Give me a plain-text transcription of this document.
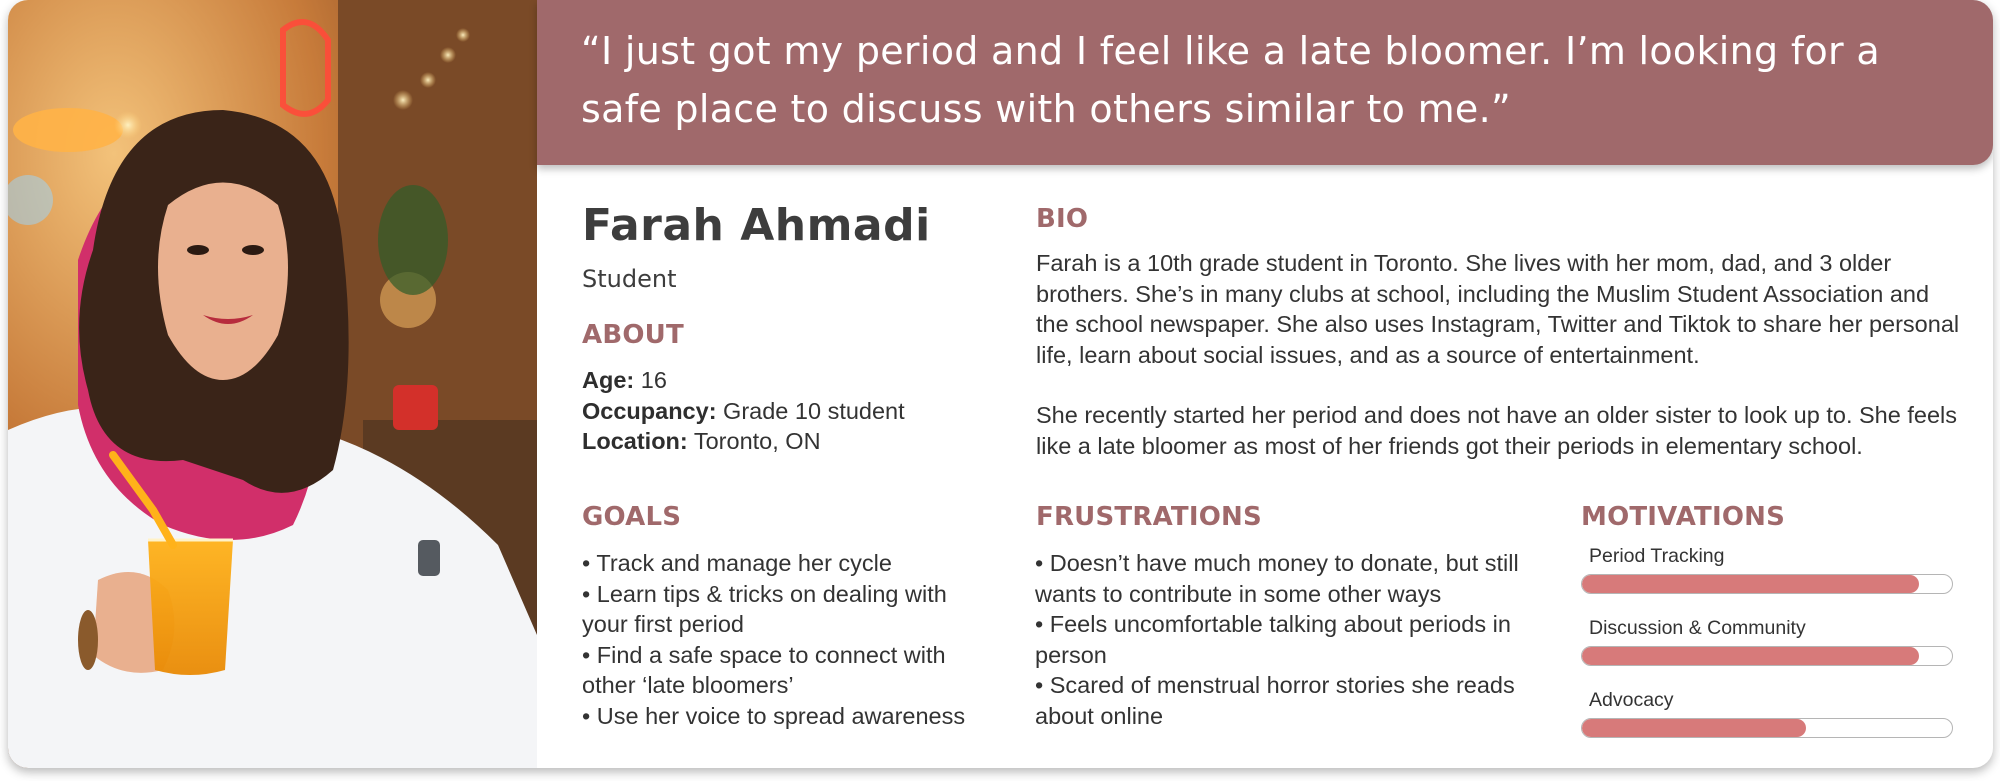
“I just got my period and I feel like a late bloomer. I’m looking for a safe place to discuss with others similar to me.”

Farah Ahmadi
Student
ABOUT
Age: 16
Occupancy: Grade 10 student
Location: Toronto, ON
BIO

Farah is a 10th grade student in Toronto. She lives with her mom, dad, and 3 older brothers. She’s in many clubs at school, including the Muslim Student Association and the school newspaper. She also uses Instagram, Twitter and Tiktok to share her personal life, learn about social issues, and as a source of entertainment.

She recently started her period and does not have an older sister to look up to. She feels like a late bloomer as most of her friends got their periods in elementary school.

GOALS
• Track and manage her cycle
• Learn tips & tricks on dealing with your first period
• Find a safe space to connect with other ‘late bloomers’
• Use her voice to spread awareness
FRUSTRATIONS
• Doesn’t have much money to donate, but still wants to contribute in some other ways
• Feels uncomfortable talking about periods in person
• Scared of menstrual horror stories she reads about online
MOTIVATIONS
Period Tracking
Discussion & Community
Advocacy
